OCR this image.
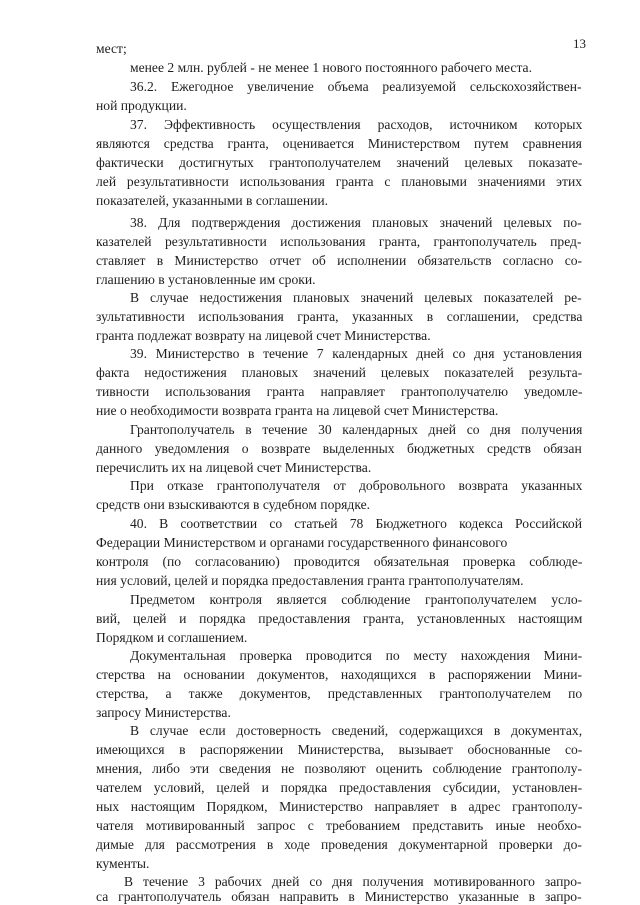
13
мест;
менее 2 млн. рублей - не менее 1 нового постоянного рабочего места.
36.2. Ежегодное увеличение объема реализуемой сельскохозяйствен-
ной продукции.
37. Эффективность осуществления расходов, источником которых
являются средства гранта, оценивается Министерством путем сравнения
фактически достигнутых грантополучателем значений целевых показате-
лей результативности использования гранта с плановыми значениями этих
показателей, указанными в соглашении.
38. Для подтверждения достижения плановых значений целевых по-
казателей результативности использования гранта, грантополучатель пред-
ставляет в Министерство отчет об исполнении обязательств согласно со-
глашению в установленные им сроки.
В случае недостижения плановых значений целевых показателей ре-
зультативности использования гранта, указанных в соглашении, средства
гранта подлежат возврату на лицевой счет Министерства.
39. Министерство в течение 7 календарных дней со дня установления
факта недостижения плановых значений целевых показателей результа-
тивности использования гранта направляет грантополучателю уведомле-
ние о необходимости возврата гранта на лицевой счет Министерства.
Грантополучатель в течение 30 календарных дней со дня получения
данного уведомления о возврате выделенных бюджетных средств обязан
перечислить их на лицевой счет Министерства.
При отказе грантополучателя от добровольного возврата указанных
средств они взыскиваются в судебном порядке.
40. В соответствии со статьей 78 Бюджетного кодекса Российской
Федерации Министерством и органами государственного финансового
контроля (по согласованию) проводится обязательная проверка соблюде-
ния условий, целей и порядка предоставления гранта грантополучателям.
Предметом контроля является соблюдение грантополучателем усло-
вий, целей и порядка предоставления гранта, установленных настоящим
Порядком и соглашением.
Документальная проверка проводится по месту нахождения Мини-
стерства на основании документов, находящихся в распоряжении Мини-
стерства, а также документов, представленных грантополучателем по
запросу Министерства.
В случае если достоверность сведений, содержащихся в документах,
имеющихся в распоряжении Министерства, вызывает обоснованные со-
мнения, либо эти сведения не позволяют оценить соблюдение грантополу-
чателем условий, целей и порядка предоставления субсидии, установлен-
ных настоящим Порядком, Министерство направляет в адрес грантополу-
чателя мотивированный запрос с требованием представить иные необхо-
димые для рассмотрения в ходе проведения документарной проверки до-
кументы.
В течение 3 рабочих дней со дня получения мотивированного запро-
са грантополучатель обязан направить в Министерство указанные в запро-
